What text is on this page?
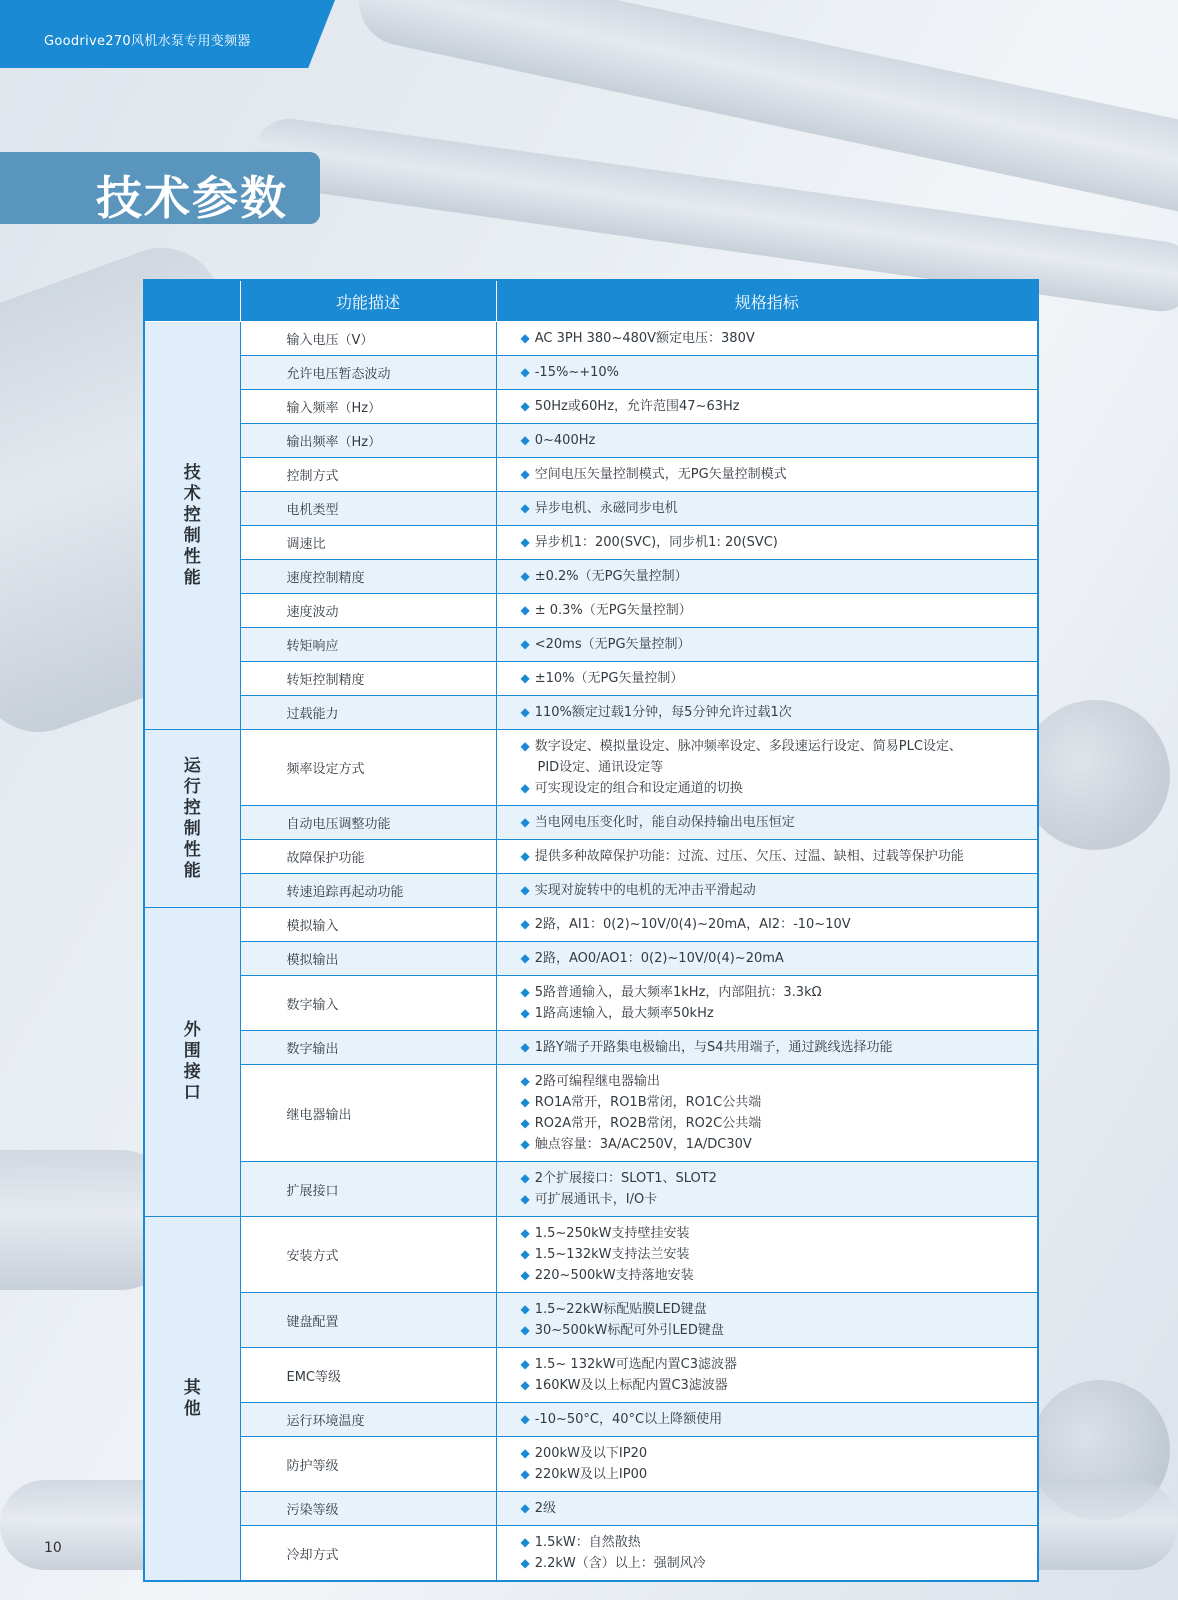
Goodrive270风机水泵专用变频器
技术参数
	功能描述	规格指标
技术控制性能	输入电压（V）	◆ AC 3PH 380~480V额定电压：380V

	允许电压暂态波动	◆ -15%~+10%

	输入频率（Hz）	◆ 50Hz或60Hz，允许范围47~63Hz

	输出频率（Hz）	◆ 0~400Hz

	控制方式	◆ 空间电压矢量控制模式，无PG矢量控制模式

	电机类型	◆ 异步电机、永磁同步电机

	调速比	◆ 异步机1：200(SVC)，同步机1: 20(SVC)

	速度控制精度	◆ ±0.2%（无PG矢量控制）

	速度波动	◆ ± 0.3%（无PG矢量控制）

	转矩响应	◆ <20ms（无PG矢量控制）

	转矩控制精度	◆ ±10%（无PG矢量控制）

	过载能力	◆ 110%额定过载1分钟，每5分钟允许过载1次

运行控制性能	频率设定方式	◆ 数字设定、模拟量设定、脉冲频率设定、多段速运行设定、简易PLC设定、
PID设定、通讯设定等
◆ 可实现设定的组合和设定通道的切换

	自动电压调整功能	◆ 当电网电压变化时，能自动保持输出电压恒定

	故障保护功能	◆ 提供多种故障保护功能：过流、过压、欠压、过温、缺相、过载等保护功能

	转速追踪再起动功能	◆ 实现对旋转中的电机的无冲击平滑起动

外围接口	模拟输入	◆ 2路，AI1：0(2)~10V/0(4)~20mA，AI2：-10~10V

	模拟输出	◆ 2路，AO0/AO1：0(2)~10V/0(4)~20mA

	数字输入	◆ 5路普通输入，最大频率1kHz，内部阻抗：3.3kΩ
◆ 1路高速输入，最大频率50kHz

	数字输出	◆ 1路Y端子开路集电极输出，与S4共用端子，通过跳线选择功能

	继电器输出	◆ 2路可编程继电器输出
◆ RO1A常开，RO1B常闭，RO1C公共端
◆ RO2A常开，RO2B常闭，RO2C公共端
◆ 触点容量：3A/AC250V，1A/DC30V

	扩展接口	◆ 2个扩展接口：SLOT1、SLOT2
◆ 可扩展通讯卡，I/O卡

其他	安装方式	◆ 1.5~250kW支持壁挂安装
◆ 1.5~132kW支持法兰安装
◆ 220~500kW支持落地安装

	键盘配置	◆ 1.5~22kW标配贴膜LED键盘
◆ 30~500kW标配可外引LED键盘

	EMC等级	◆ 1.5~ 132kW可选配内置C3滤波器
◆ 160KW及以上标配内置C3滤波器

	运行环境温度	◆ -10~50°C，40°C以上降额使用

	防护等级	◆ 200kW及以下IP20
◆ 220kW及以上IP00

	污染等级	◆ 2级

	冷却方式	◆ 1.5kW：自然散热
◆ 2.2kW（含）以上：强制风冷
10
